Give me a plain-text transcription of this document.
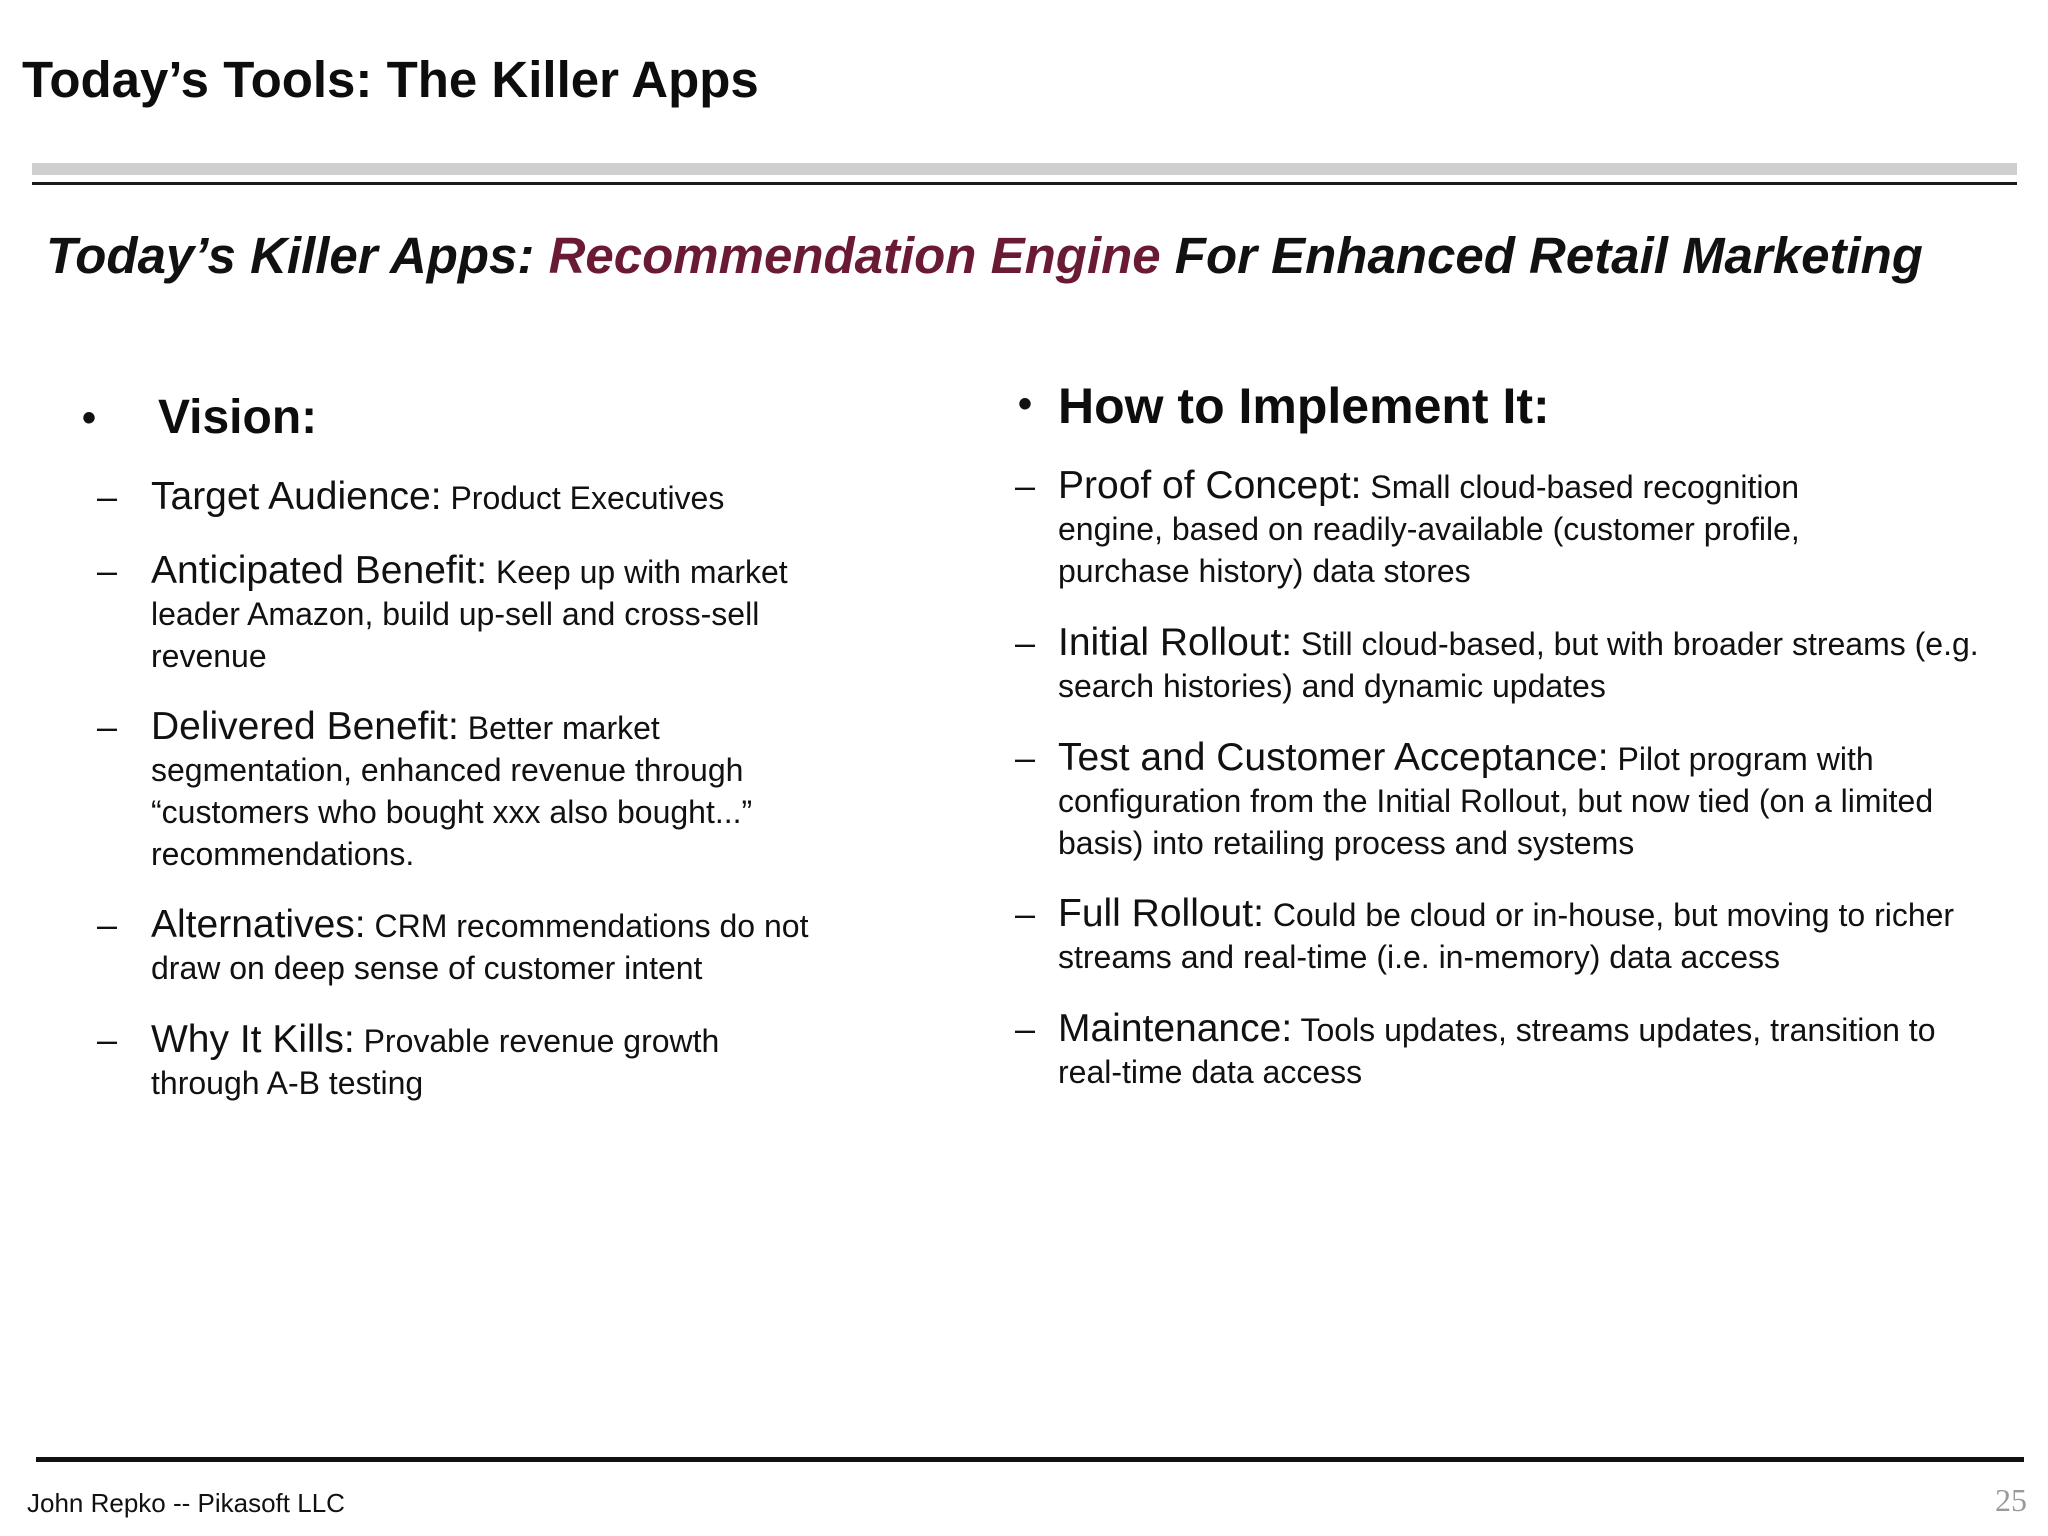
Today’s Tools: The Killer Apps
Today’s Killer Apps: Recommendation Engine For Enhanced Retail Marketing
• Vision:
– Target Audience: Product Executives
– Anticipated Benefit: Keep up with market leader Amazon, build up-sell and cross-sell revenue
– Delivered Benefit: Better market segmentation, enhanced revenue through “customers who bought xxx also bought...” recommendations.
– Alternatives: CRM recommendations do not draw on deep sense of customer intent
– Why It Kills: Provable revenue growth through A-B testing
• How to Implement It:
– Proof of Concept: Small cloud-based recognition engine, based on readily-available (customer profile, purchase history) data stores
– Initial Rollout: Still cloud-based, but with broader streams (e.g. search histories) and dynamic updates
– Test and Customer Acceptance: Pilot program with configuration from the Initial Rollout, but now tied (on a limited basis) into retailing process and systems
– Full Rollout: Could be cloud or in-house, but moving to richer streams and real-time (i.e. in-memory) data access
– Maintenance: Tools updates, streams updates, transition to real-time data access
John Repko -- Pikasoft LLC	25
